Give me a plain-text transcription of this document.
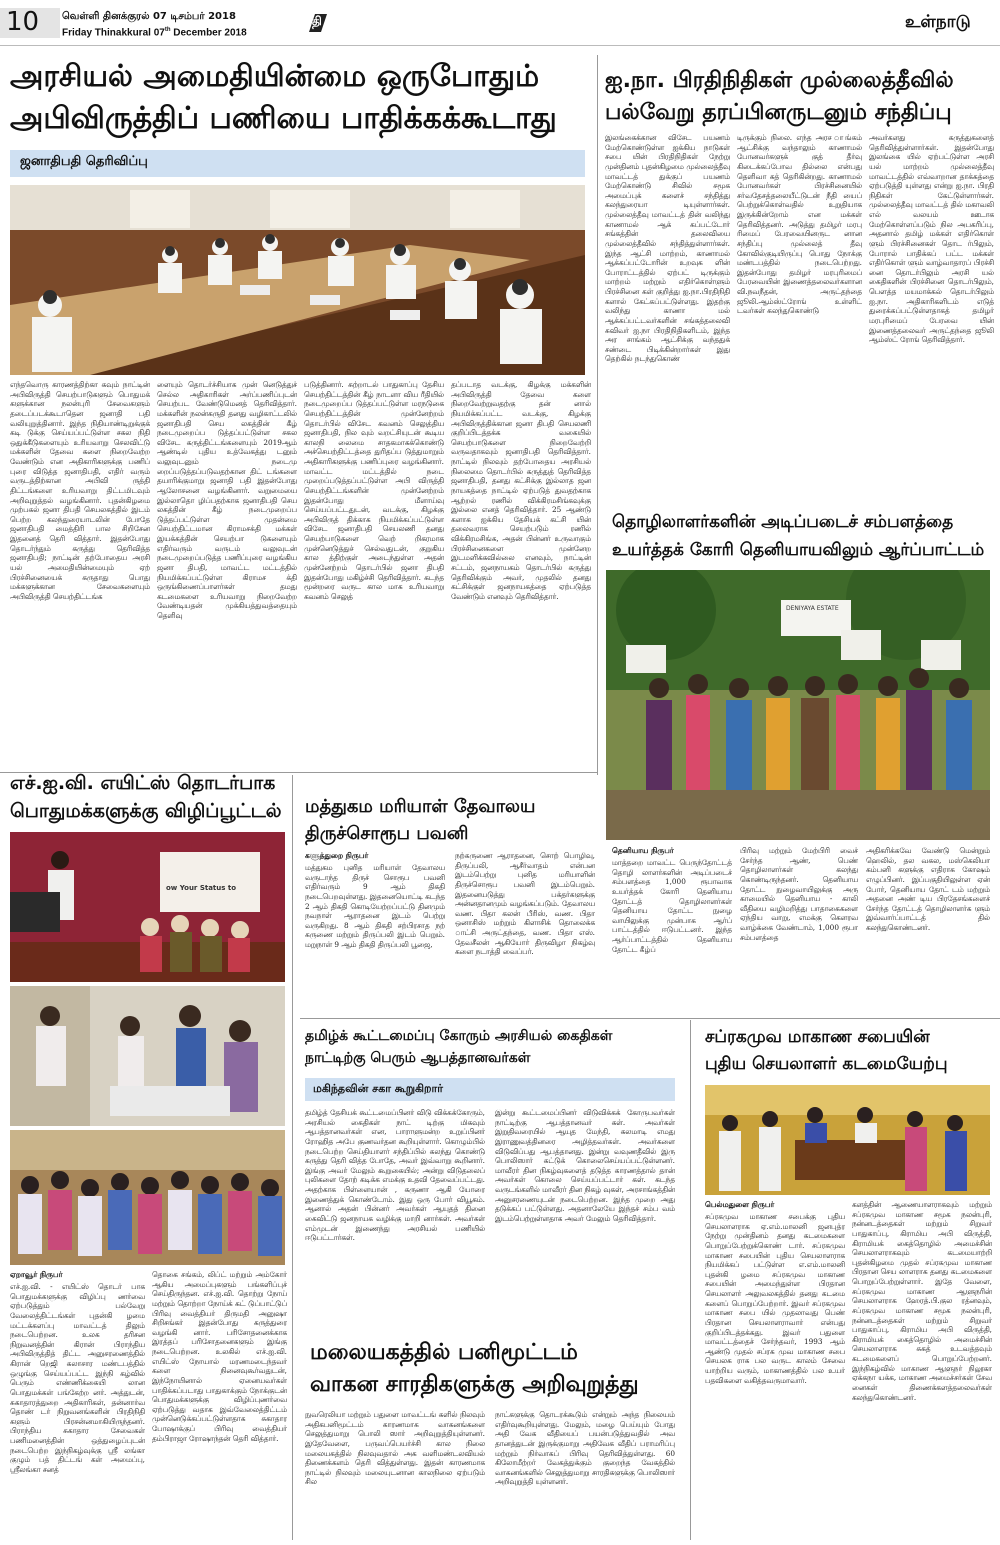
10 வெள்ளி தினக்குரல் 07 டிசம்பர் 2018
Friday Thinakkural 07th December 2018
தி	உள்நாடு
அரசியல் அமைதியின்மை ஒருபோதும்
அபிவிருத்திப் பணியை பாதிக்கக்கூடாது
ஜனாதிபதி தெரிவிப்பு
எந்தவொரு காரணத்திற்கா கவும் நாட்டின் அபிவிருத்தி செயற்பாடுகளும் பொதுமக் களுக்கான நலன்புரி சேவைகளும் தடைப்படக்கூடாதென ஜனாதி பதி வலியுறுத்தினார். இந்த நிதியாண்டிறுக்குக் கடி டுக்கு செய்யப்பட்டுள்ள சகல நிதி ஒதுக்கீடுகளையும் உரியவாறு செலவிட்டு மக்களின் தேவை களை நிறைவேற்ற வேண்டும் என அதிகாரிகளுக்கு பணிப் புரை விடுத்த ஜனாதிபதி, எதிர் வரும் வருடத்திற்கான அபிவி ருத்தி திட்டங்களை உரியவாறு திட்டமிடவும் அறிவுறுத்தல் வழங்கினார். புதன்கிழமை முற்பகல் ஜனா திபதி செயலகத்தில் இடம் பெற்ற கலந்துரையாடலின் போதே ஜனாதிபதி மைத்திரி பால சிறிசேன இதனைத் தெரி வித்தார். இதன்போது தொடர்ந்தும் கருத்து தெரிவித்த ஜனாதிபதி; நாட்டின் தற்போதைய அரசி யல் அமைதியின்மையும் ஏற் பிரச்சினையைக் கருதாது பொது மக்களுக்கான சேவைகளையும் அபிவிருத்தி செயற்திட்டங்க
ளையும் தொடர்ச்சியாக முன் னெடுத்துச் செல்ல அதிகாரிகள் அர்ப்பணிப்புடன் செயற்பட வேண்டுமெனத் தெரிவித்தார். மக்களின் நலன்கருதி தனது வழிகாட்டலில் ஜனாதிபதி செய லகத்தின் கீழ் நடைமுறைப்ப டுத்தப்பட்டுள்ள சகல விசேட கருத்திட்டங்களையும் 2019ஆம் ஆண்டில் புதிய உத்வேகத்து டனும் வலுவுடனும் நடைமு றைப்படுத்தப்படுவதற்கான திட் டங்களை தயாரிக்குமாறு ஜனாதி பதி இதன்போது ஆலோசனை வழங்கினார். வறுமையை இல்லாதொ ழிப்பதற்காக ஜனாதிபதி செய லகத்தின் கீழ் நடைமுறைப்ப டுத்தப்பட்டுள்ள முதன்மை செயற்திட்டமான கிராமசக்தி மக்கள் இயக்கத்தின் செயற்பா டுகளையும் எதிர்வரும் வருடம் வலுவுடன் நடைமுறைப்படுத்த பணிப்புரை வழங்கிய ஜனா திபதி, மாவட்ட மட்டத்தில் நியமிக்கப்பட்டுள்ள கிராமச க்தி ஒருங்கிணைப்பாளர்கள் தமது கடமைகளை உரியவாறு நிறைவேற்ற வேண்டியதன் முக்கியத்துவத்தையும் தெளிவு
படுத்தினார். சுற்றாடல் பாதுகாப்பு தேசிய செயற்திட்டத்தின் கீழ் நாடளா விய ரீதியில் நடைமுறைப்ப டுத்தப்பட்டுள்ள மரநடுகை செயற்திட்டத்தின் முன்னேற்றம் தொடர்பில் விசேட கவனம் செலுத்திய ஜனாதிபதி, நில வும் வறட்சியுடன் கூடிய காலநி லைமை சாதகமாகக்கொண்டு அச்செயற்திட்டத்தை துரிதப்ப டுத்துமாறும் அதிகாரிகளுக்கு பணிப்புரை வழங்கினார். மாவட்ட மட்டத்தில் நடை முறைப்படுத்தப்பட்டுள்ள அபி விருத்தி செயற்திட்டங்களின் முன்னேற்றம் இதன்போது மீளாய்வு செய்யப்பட்டதுடன், வடக்கு, கிழக்கு அபிவிருத் திக்காக நியமிக்கப்பட்டுள்ள விசேட ஜனாதிபதி செயலணி தனது செயற்பாடுகளை வெற் றிகரமாக முன்னெடுத்துச் செல்வதுடன், குறுகிய கால த்திற்குள் அடைந்துள்ள அதன் முன்னேற்றம் தொடர்பில் ஜனா திபதி இதன்போது மகிழ்ச்சி தெரிவித்தார். கடந்த மூன்றரை வருட கால மாக உரியவாறு கவனம் செலுத்
தப்படாத வடக்கு, கிழக்கு மக்களின் அபிவிருத்தி தேவை களை நிறைவேற்றுவதற்கு தன் னால் நியமிக்கப்பட்ட வடக்கு, கிழக்கு அபிவிருத்திக்கான ஜனா திபதி செயலணி குறிப்பிடத்தக்க வகையில் செயற்பாடுகளை நிறைவேற்றி வருவதாகவும் ஜனாதிபதி தெரிவித்தார். நாட்டில் நிலவும் தற்போதைய அரசியல் நிலைமை தொடர்பில் கருத்துத் தெரிவித்த ஜனாதிபதி, தனது கட்சிக்கு இல்லாத ஜன நாயகத்தை நாட்டில் ஏற்படுத் துவதற்காக ஆற்றல் ரணில் விக்கிரமசிங்கவுக்கு இல்லை எனத் தெரிவித்தார். 25 ஆண்டு களாக ஐக்கிய தேசியக் கட்சி யின் தலைவராக செயற்படும் ரணில் விக்கிரமசிங்க, அதன் பின்னர் உருவாகும் பிரச்சினைகளை முன்னேற இடமளிக்கவில்லை எனவும், நாட்டின் சட்டம், ஜனநாயகம் தொடர்பில் கருத்து தெரிவிக்கும் அவர், முதலில் தனது கட்சிக்குள் ஜனநாயகத்தை ஏற்படுத்த வேண்டும் எனவும் தெரிவித்தார்.
ஐ.நா. பிரதிநிதிகள் முல்லைத்தீவில்
பல்வேறு தரப்பினருடனும் சந்திப்பு
இலங்கைக்கான விசேட பயணம் மேற்கொண்டுள்ள ஐக்கிய நாடுகள் சபை யின் பிரதிநிதிகள் நேற்று முன்தினம் புதன்கிழமை முல்லைத்தீவு மாவட்டத் துக்குப் பயணம் மேற்கொண்டு சிவில் சமூக அமைப்புக் களைச் சந்தித்து கலந்துரையா டியுள்ளார்கள். முல்லைத்தீவு மாவட்டத் தின் வலிந்து காணாமல் ஆக் கப்பட்டோர் சங்கத்தின் தலைவியை முல்லைத்தீவில் சந்தித்துள்ளார்கள். இந்த ஆட்சி மாற்றம், காணாமல் ஆக்கப்பட்டோரின் உறவுக ளின் போராட்டத்தில் ஏற்பட் டிருக்கும் மாற்றம் மற்றும் எதிர்கொள்ளும் பிரச்சினை கள் குறித்து ஐ.நா.பிரதிநிதி களால் கேட்கப்பட்டுள்ளது. இதற்கு வலிந்து காணா மல் ஆக்கப்பட்டவர்களின் சங்கத்தலைவி சுவிவர் ஐ.நா பிரதிநிதிகளிடம், இந்த அர சாங்கம் ஆட்சிக்கு வந்ததுக் சண்டை பிடிக்கின்றார்கள் இது தெற்கில் நடந்துகொண்
டிருக்கும் நிலை. எந்த அரச ாங்கம் ஆட்சிக்கு வந்தாலும் காணாமல் போனவர்களுக் குத் தீர்வு கிடைக்கப்போவ தில்லை என்பது தெளிவா கத் தெரிகின்றது. காணாமல் போனவர்கள் பிரச்சினையில் சர்வதேசத்தலையீட்டுடன் நீதி யைப் பெற்றுக்கொள்வதில் உறுதியாக இருக்கின்றோம் என மக்கள் தெரிவித்தனர். அடுத்து தமிழர் மரபு ரிமைப் பேரவையினருட னான சந்திப்பு முல்லைத் தீவு கோவில்குடியிருப்பு பொது நோக்கு மண்டபத்தில் நடைபெற்றது. இதன்போது தமிழர் மரபுரிமைப் பேரவையின் இணைத்தலைவர்களான வி.நவநீதன், அருட்தந்தை ஜூலி.ஆம்ஸ்ட்ரோங் உள்ளிட் டவர்கள் கலந்துகொண்டு
அவர்களது கருத்துகளைத் தெரிவித்துள்ளார்கள். இதன்போது இலங்கை யில் ஏற்பட்டுள்ள அரசி யல் மாற்றம் முல்லைத்தீவு மாவட்டத்தில் எவ்வாறான தாக்கத்தை ஏற்படுத்தி யுள்ளது என்று ஐ.நா. பிரதி நிதிகள் கேட்டுள்ளார்கள். முல்லைத்தீவு மாவட்டத் தில் மகாவலி எல் வலயம் ஊடாக மேற்கொள்ளப்படும் நில அபகரிப்பு, அதனால் தமிழ் மக்கள் எதிர்கொள் ளும் பிரச்சினைகள் தொட ர்பிலும், போரால் பாதிக்கப் பட்ட மக்கள் எதிர்கொள் ளும் வாழ்வாதாரப் பிரச்சி னை தொடர்பிலும் அரசி யல் கைதிகளின் பிரச்சினை தொடர்பிலும், பௌத்த மயமாக்கல் தொடர்பிலும் ஐ.நா. அதிகாரிகளிடம் எடுத் துரைக்கப்பட்டுள்ளதாகத் தமிழர் மரபுரிமைப் பேரவை யின் இணைத்தலைவர் அருட்தந்தை ஜூலி ஆம்ஸ்ட் ரோங் தெரிவித்தார்.
தொழிலாளர்களின் அடிப்படைச் சம்பளத்தை
உயர்த்தக் கோரி தெனியாயவிலும் ஆர்ப்பாட்டம்
DENIYAYA ESTATE
தெனியாய நிருபர்
மாத்தறை மாவட்ட பெருந்தோட்டத் தொழி லாளர்களின் அடிப்படைச் சம்பளத்தை 1,000 ரூபாவாக உயர்த்தக் கோரி தெனியாய தோட்டத் தொழிலாளர்கள் தெனியாய தோட்ட நுழை வாயிலுக்கு முன்பாக ஆர்ப் பாட்டத்தில் ஈடுபட்டனர். இந்த ஆர்ப்பாட்டத்தில் தெனியாய தோட்ட கீழ்ப்
பிரிவு மற்றும் மேற்பிரி வைச் சேர்ந்த ஆண், பெண் தொழிலாளர்கள் கலந்து கொண்டிருந்தனர். தெனியாய தோட்ட நுழைவாயிலுக்கு அரு காமையில் தெனியாய - காலி வீதியை வழிமறித்து பாதாகைகளை ஏந்திய வாறு, எமக்கு கௌரவ வாழ்க்கை வேண்டாம், 1,000 ரூபா சம்பளத்தை
அதிகரிக்கவே வேண்டு மென்றும் ஹெலில், தல வகல, மஸ்கெலியா கம்பனி களுக்கு எதிராக கோஷம் எழுப்பினர். இப்பகுதியிலுள்ள ஏன் போர், தெனியாய தோட் டம் மற்றும் அதனை அண் டிய பிரதேசங்களைச் சேர்ந்த தோட்டத் தொழிலாளர்க ளும் இவ்வார்ப்பாட்டத் தில் கலந்துகொண்டனர்.
எச்.ஐ.வி. எயிட்ஸ் தொடர்பாக
பொதுமக்களுக்கு விழிப்பூட்டல்
ow Your Status to
ஏறாவூர் நிருபர்
எச்.ஐ.வி. - எயிட்ஸ் தொடர் பாக பொதுமக்களுக்கு விழிப்பு ணர்வை ஏற்படுத்தும் பல்வேறு வேலைத்திட்டங்கள் புதன்கி ழமை மட்டக்களப்பு மாவட்டத் திலும் நடைபெற்றன. உலக தரிசன நிறுவனத்தின் கிரான் பிராந்திய அபிவிருத்தித் திட்ட அனுசரணைத்தில் கிரான் றெஜி கலாசார மண்டபத்தில் ஒழுங்கு செய்யப்பட்ட இந்நி கழ்வில் பெரும் எண்ணிக்கையி லான பொதுமக்கள் பங்கேற்ற னர். அத்துடன், சுகாதாரத்துறை அதிகாரிகள், தன்னார்வ தொண் டர் நிறுவனங்களின் பிரதிநிதி களும் பிரசன்னமாகியிருந்தனர். பிராந்திய சுகாதார சேவைகள் பணிமனைத்தின் ஒத்துழைப்புடன் நடைபெற்ற இந்நிகழ்வுக்கு ஸ்ரீ லங்கா குழும் பத் திட்டங் கள் அமைப்பு, ஸ்ரீலங்கா சனத்
தொகை சங்கம், லிப்ட் மற்றும் அம்கோர் ஆகிய அமைப்புகளும் பங்களிப்புச் செய்திருந்தன. எச்.ஐ.வி. தொற்று நோய் மற்றும் தொற்றா நோய்க் கட் டுப்பாட்டுப் பிரிவு வைத்தியர் திருமதி அனுஷா சிறிசங்கர் இதன்போது கருத்துரை வழங்கி னார். பரிசோதனைக்காக இரத்தப் பரிசோதனைகளும் இங்கு நடைபெற்றன. உலகில் எச்.ஐ.வி. எயிட்ஸ் நோயால் மரணமடைந்தவர் களை நினைவுகூர்வதுடன், இந்நோயினால் ஏனையவர்கள் பாதிக்கப்படாது பாதுகாக்கும் நோக்குடன் பொதுமக்களுக்கு விழிப்புணர்வை ஏற்படுத்து வதாக இவ்வேலைத்திட்டம் முன்னெடுக்கப்பட்டுள்ளதாக சுகாதார போஷாக்குப் பிரிவு வைத்தியர் தம்பிராஜா ரோஷாந்தன் தெரி வித்தார்.
மத்துகம மரியாள் தேவாலய
திருச்சொரூப பவனி
களுத்துறை நிருபர்
மத்துகம புனித மரியாள் தேவாலய வருடாந்த திருச் சொரூப பவனி எதிர்வரும் 9 ஆம் திகதி நடைபெறவுள்ளது. இதனையொட்டி கடந்த 2 ஆம் திகதி கொடியேற்றப்பட்டு தினமும் நவநாள் ஆராதனை இடம் பெற்று வருகிறது. 8 ஆம் திகதி சற்பிரசாத நற் கருணை மற்றும் திருப்பலி இடம் பெறும். மறுநாள் 9 ஆம் திகதி திருப்பலி பூஜை,
நற்கருணை ஆராதனை, சொற் பொழிவு, திருப்பலி, ஆசீர்வாதம் என்பன இடம்பெற்று புனித மரியாளின் திருச்சொரூப பவனி இடம்பெறும். இதனையடுத்து பக்தர்களுக்கு அன்னதானமும் வழங்கப்படும். தேவாலய வண. பிதா கலன் பீரிஸ், வண. பிதா ஒனாசிஸ் மற்றும் கிளாசிக் தொலைக்க ாட்சி அருட்தந்தை, வண. பிதா எஸ். தேவசீலன் ஆகியோர் திருவிழா நிகழ்வு களை நடாத்தி வைப்பர்.
தமிழ்க் கூட்டமைப்பு கோரும் அரசியல் கைதிகள்
நாட்டிற்கு பெரும் ஆபத்தானவர்கள்
மகிந்தவின் சகா கூறுகிறார்
தமிழ்த் தேசியக் கூட்டமைப்பினர் விடு விக்கக்கோரும், அரசியல் கைதிகள் நாட் டிற்கு மிகவும் ஆபத்தானவர்கள் என, பாராளுமன்ற உறுப்பினர் ரோஹித அபே குணவர்தன கூறியுள்ளார். கொழும்பில் நடைபெற்ற செய்தியாளர் சந்திப்பில் கலந்து கொண்டு கருத்து தெரி வித்த போதே, அவர் இவ்வாறு கூறினார். இங்கு அவர் மேலும் கூறுகையில்; அன்று விடுதலைப் புலிகளை தோற் கடிக்க எமக்கு உதவி தேவைப்பட்டது. அதற்காக பிள்ளையான் , கருணா ஆகி யோரை இணைத்துக் கொண்டோம். இது ஒரு போர் வியூகம். ஆனால் அதன் பின்னர் அவர்கள் ஆயுதத் தினை கைவிட்டு ஜனநாயக வழிக்கு மாறி னார்கள். அவர்கள் எம்முடன் இணைந்து அரசியல் பணியில் ஈடுபட்டார்கள்.
இன்று கூட்டமைப்பினர் விடுவிக்கக் கோருபவர்கள் நாட்டிற்கு ஆபத்தானவர் கள். அவர்கள் இறுதிவரையில் ஆயுத மேந்தி, கலமாடி எமது இராணுவத்தினரை அழித்தவர்கள். அவர்களை விடுவிப்பது ஆபத்தானது. இன்று வவுணதீவில் இரு பொலிஸார் கட்டுக் கொலைசெய்யப்பட்டுள்ளனர். மாவீரர் தின நிகழ்வுகளைத் தடுத்த காரணத்தால் தான் அவர்கள் கொலை செய்யப்பட்டார் கள். கடந்த வருடங்களில் மாவீரர் தின நிகழ் வுகள், அரசாங்கத்தின் அனுசரணையுடன் நடைபெற்றன. இந்த முறை அது தடுக்கப் பட்டுள்ளது. அதனாலேயே இந்தச் சம்ப வம் இடம்பெற்றுள்ளதாக அவர் மேலும் தெரிவித்தார்.
மலையகத்தில் பனிமூட்டம்
வாகன சாரதிகளுக்கு அறிவுறுத்து
நுவரெலியா மற்றும் பதுளை மாவட்டங் களில் நிலவும் அதிகபனிமூட்டம் காரணமாக வாகனங்களை செலுத்துமாறு பொலி ஸார் அறிவுறுத்தியுள்ளனர். இதேவேளை, பருவப்பெயர்ச்சி கால நிலை மலையகத்தில் நிலவுவதால் அக வளிமண்டலவியல் திணைக்களம் தெரி வித்துள்ளது. இதன் காரணமாக நாட்டில் நிலவும் மலையுடனான காலநிலை ஏற்படும் சில
நாட்களுக்கு தொடரக்கூடும் என்றும் அந்த நிலையம் எதிர்வுகூறியுள்ளது. மேலும், மழை பெய்யும் போது அதி வேக வீதியைப் பயன்படுத்துவதில் அவ தானத்துடன் இருக்குமாறு அதிவேக வீதிப் பராமரிப்பு மற்றும் நிர்வாகப் பிரிவு தெரிவித்துள்ளது. 60 கிலோமீற்றர் வேகத்துக்கும் குறைந்த வேகத்தில் வாகனங்களில் செலுத்துமாறு சாரதிகளுக்கு பொலிஸார் அறிவுறுத்தி யுள்ளனர்.
சப்ரகமுவ மாகாண சபையின்
புதிய செயலாளர் கடமையேற்பு
பெல்மதுளை நிருபர்
சப்ரகமுவ மாகாண சபைக்கு புதிய செயலாளராக ஏ.எம்.மாலனி ஜனபுத்ர நேற்று முன்தினம் தனது கடமைகளை பொறுப்பேற்றுக்கொண் டார். சப்ரகமுவ மாகாண சபையின் புதிய செயலாளராக நியமிக்கப் பட்டுள்ள எ.எம்.மாலனி புதன்கி ழமை சப்ரகமுவ மாகாண சபையின் அமைந்துள்ள பிரதான செயலாளர் அலுவலகத்தில் தனது கடமை களைப் பொறுப்பேற்றார். இவர் சப்ரகமுவ மாகாண சபை யில் முதலாவது பெண் பிரதான செயலாளராவார் என்பது குறிப்பிடத்தக்கது. இவர் பதுளை மாவட்டத்தைச் சேர்ந்தவர், 1993 ஆம் ஆண்டு முதல் சப்ரக முவ மாகாண சபை செயலக ராக பல வருட காலம் சேவை யாற்றிய வரும், மாகாணத்தில் பல உயர் பதவிகளை வகித்தவருமாவார்.
களத்தின் ஆணையாளராகவும் மற்றும் சப்ரகமுவ மாகாண சமூக நலன்புரி, நன்னடத்தைகள் மற்றும் சிறுவர் பாதுகாப்பு, கிராமிய அபி விருத்தி, கிராமியக் கைத்தொழில் அமைச்சின் செயலாளராகவும் கடமையாற்றி புதன்கிழமை முதல் சப்ரகமுவ மாகாண பிரதான செய லாளராக தனது கடமைகளை பொறுப்பேற்றுள்ளார். இதே வேளை, சப்ரகமுவ மாகாண ஆளுநரின் செயலாளராக ஹேரத்.பி.குல ரத்னவும், சப்ரகமுவ மாகாண சமூக நலன்புரி, நன்னடத்தைகள் மற்றும் சிறுவர் பாதுகாப்பு, கிராமிய அபி விருத்தி, கிராமியக் கைத்தொழில் அமைச்சின் செயலாளராக சுகத் உடவத்தவும் கடமைகளைப் பொறுப்பேற்றனர். இந்நிகழ்வில் மாகாண ஆளுநர் நிலூகா ஏக்கநா யக்க, மாகாண அமைச்சர்கள் சேவ னைகள் திணைக்களத்தலைவர்கள் கலந்துகொண்டனர்.
